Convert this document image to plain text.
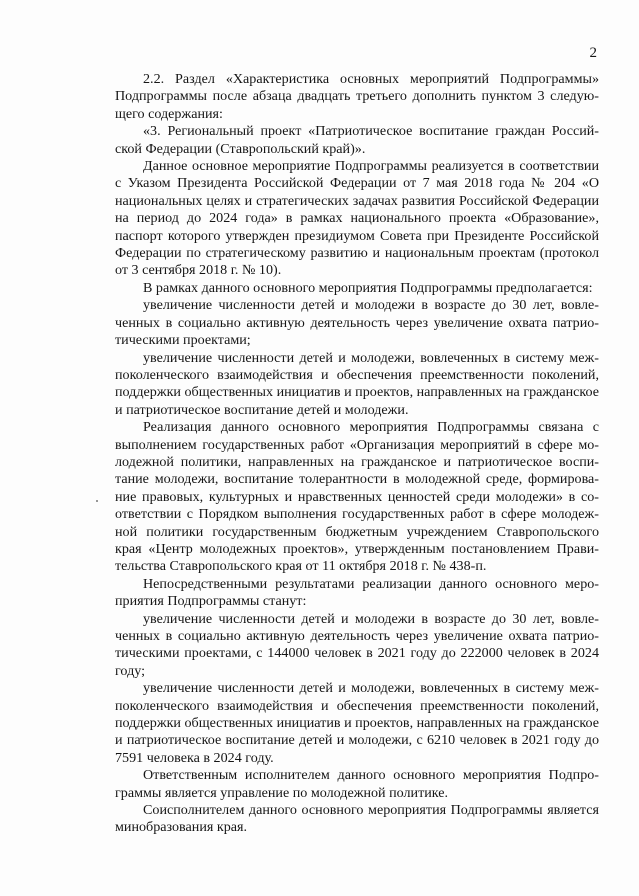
2

2.2. Раздел «Характеристика основных мероприятий Подпрограммы» Подпрограммы после абзаца двадцать третьего дополнить пунктом 3 следующего содержания:

«3. Региональный проект «Патриотическое воспитание граждан Российской Федерации (Ставропольский край)».

Данное основное мероприятие Подпрограммы реализуется в соответствии с Указом Президента Российской Федерации от 7 мая 2018 года № 204 «О национальных целях и стратегических задачах развития Российской Федерации на период до 2024 года» в рамках национального проекта «Образование», паспорт которого утвержден президиумом Совета при Президенте Российской Федерации по стратегическому развитию и национальным проектам (протокол от 3 сентября 2018 г. № 10).

В рамках данного основного мероприятия Подпрограммы предполагается:

увеличение численности детей и молодежи в возрасте до 30 лет, вовлеченных в социально активную деятельность через увеличение охвата патриотическими проектами;

увеличение численности детей и молодежи, вовлеченных в систему межпоколенческого взаимодействия и обеспечения преемственности поколений, поддержки общественных инициатив и проектов, направленных на гражданское и патриотическое воспитание детей и молодежи.

Реализация данного основного мероприятия Подпрограммы связана с выполнением государственных работ «Организация мероприятий в сфере молодежной политики, направленных на гражданское и патриотическое воспитание молодежи, воспитание толерантности в молодежной среде, формирование правовых, культурных и нравственных ценностей среди молодежи» в соответствии с Порядком выполнения государственных работ в сфере молодежной политики государственным бюджетным учреждением Ставропольского края «Центр молодежных проектов», утвержденным постановлением Правительства Ставропольского края от 11 октября 2018 г. № 438-п.

Непосредственными результатами реализации данного основного мероприятия Подпрограммы станут:

увеличение численности детей и молодежи в возрасте до 30 лет, вовлеченных в социально активную деятельность через увеличение охвата патриотическими проектами, с 144000 человек в 2021 году до 222000 человек в 2024 году;

увеличение численности детей и молодежи, вовлеченных в систему межпоколенческого взаимодействия и обеспечения преемственности поколений, поддержки общественных инициатив и проектов, направленных на гражданское и патриотическое воспитание детей и молодежи, с 6210 человек в 2021 году до 7591 человека в 2024 году.

Ответственным исполнителем данного основного мероприятия Подпрограммы является управление по молодежной политике.

Соисполнителем данного основного мероприятия Подпрограммы является минобразования края.
